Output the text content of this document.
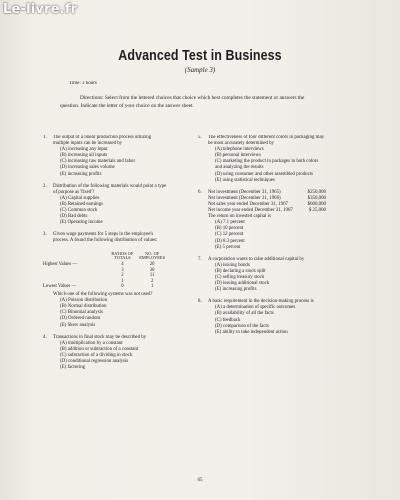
Le-livre.fr
Advanced Test in Business
(Sample 3)
Time: 3 hours
Directions: Select from the lettered choices that choice which best completes the statement or answers the question. Indicate the letter of your choice on the answer sheet.
1. The output of a linear production process utilizing multiple inputs can be increased by
(A) increasing any input
(B) increasing all inputs
(C) increasing raw materials and labor
(D) increasing sales volume
(E) increasing profits
2. Distribution of the following materials would point a type of purpose as 'fixed'?
(A) Capital supplies
(B) Retained earnings
(C) Common stock
(D) Bad debts
(E) Operating income
3. Given wage payments for 5 steps in the employee's process. A found the following distribution of values:
	RATIOS OF TOTALS	NO. OF EMPLOYEES
Highest Values —	4	20
	3	30
	2	11
	1	2
Lowest Values —	0	1
Which one of the following systems was not used?
(A) Poisson distribution
(B) Normal distribution
(C) Binomial analysis
(D) Ordered random
(E) Skew analysis
4. Transactions in final stock may be described by
(A) multiplication by a constant
(B) addition or subtraction of a constant
(C) subtraction of a dividing in stock
(D) conditional regression analysis
(E) factoring
5. The effectiveness of four different colors in packaging may be most accurately determined by
(A) telephone interviews
(B) personal interviews
(C) marketing the product in packages in both colors and analyzing the results
(D) using consumer and other assembled products
(E) using statistical techniques
6. Net investment (December 31, 1965)	$250,000
Net investment (December 31, 1966)	$350,000
Net sales year ended December 31, 1967	$600,000
Net income year ended December 31, 1967	$ 25,000
The return on invested capital is
(A) 7.1 percent
(B) 10 percent
(C) 12 percent
(D) 8.3 percent
(E) 5 percent
7. A corporation wants to raise additional capital by
(A) issuing bonds
(B) declaring a stock split
(C) selling treasury stock
(D) issuing additional stock
(E) increasing profits
8. A basic requirement in the decision-making process is
(A) a determination of specific outcomes
(B) availability of all the facts
(C) feedback
(D) comparison of the facts
(E) ability to take independent action
65
